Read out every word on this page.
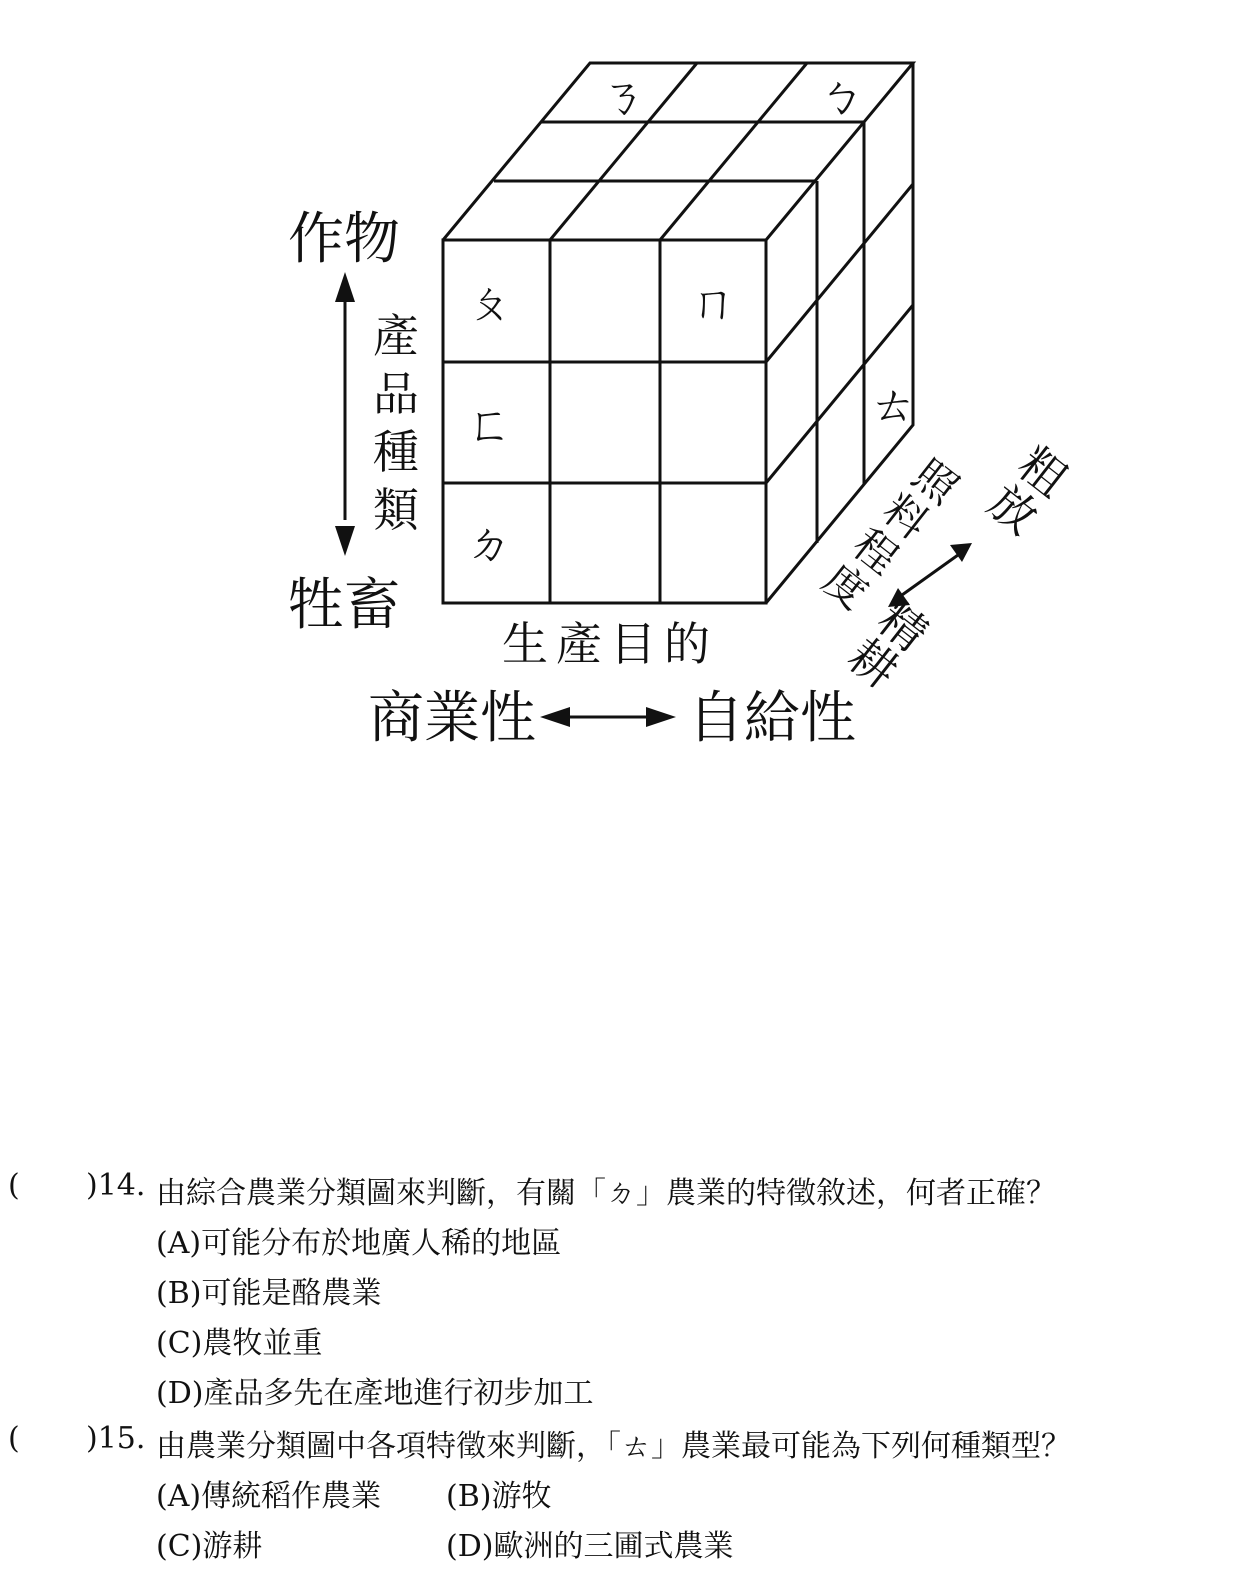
ㄋ	ㄅ
ㄆ	ㄇ
ㄈ
ㄉ
ㄊ
作物
產
品
種
類
牲畜
生產目的
商業性	自給性
照
料
程
度
粗
放
精
耕
( )14. 由綜合農業分類圖來判斷，有關「ㄉ」農業的特徵敘述，何者正確？
(A)可能分布於地廣人稀的地區
(B)可能是酪農業
(C)農牧並重
(D)產品多先在產地進行初步加工
( )15. 由農業分類圖中各項特徵來判斷，「ㄊ」農業最可能為下列何種類型？
(A)傳統稻作農業 (B)游牧
(C)游耕	(D)歐洲的三圃式農業
